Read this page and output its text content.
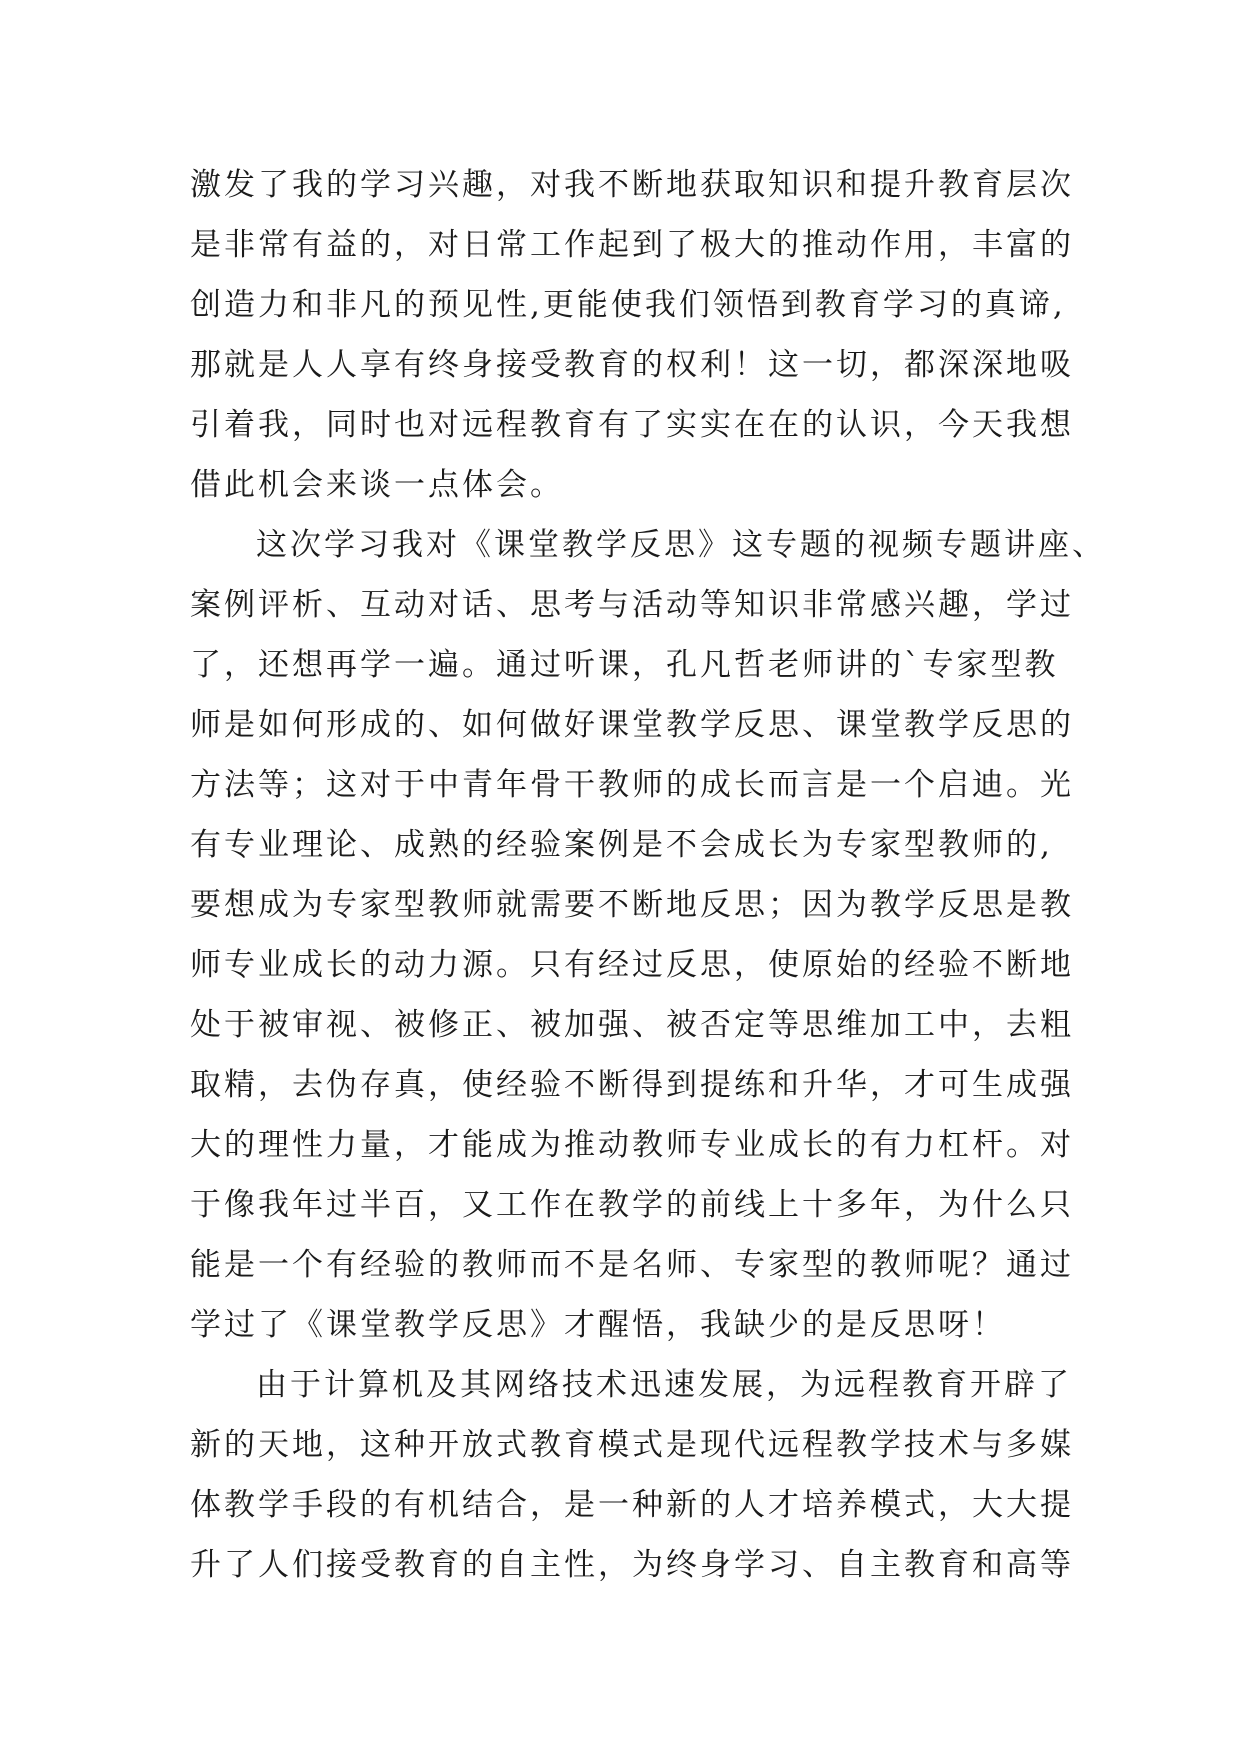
激发了我的学习兴趣，对我不断地获取知识和提升教育层次
是非常有益的，对日常工作起到了极大的推动作用，丰富的
创造力和非凡的预见性,更能使我们领悟到教育学习的真谛,
那就是人人享有终身接受教育的权利！这一切，都深深地吸
引着我，同时也对远程教育有了实实在在的认识，今天我想
借此机会来谈一点体会。
这次学习我对《课堂教学反思》这专题的视频专题讲座、
案例评析、互动对话、思考与活动等知识非常感兴趣，学过
了，还想再学一遍。通过听课，孔凡哲老师讲的`专家型教
师是如何形成的、如何做好课堂教学反思、课堂教学反思的
方法等；这对于中青年骨干教师的成长而言是一个启迪。光
有专业理论、成熟的经验案例是不会成长为专家型教师的,
要想成为专家型教师就需要不断地反思；因为教学反思是教
师专业成长的动力源。只有经过反思，使原始的经验不断地
处于被审视、被修正、被加强、被否定等思维加工中，去粗
取精，去伪存真，使经验不断得到提练和升华，才可生成强
大的理性力量，才能成为推动教师专业成长的有力杠杆。对
于像我年过半百，又工作在教学的前线上十多年，为什么只
能是一个有经验的教师而不是名师、专家型的教师呢？通过
学过了《课堂教学反思》才醒悟，我缺少的是反思呀！
由于计算机及其网络技术迅速发展，为远程教育开辟了
新的天地，这种开放式教育模式是现代远程教学技术与多媒
体教学手段的有机结合，是一种新的人才培养模式，大大提
升了人们接受教育的自主性，为终身学习、自主教育和高等
